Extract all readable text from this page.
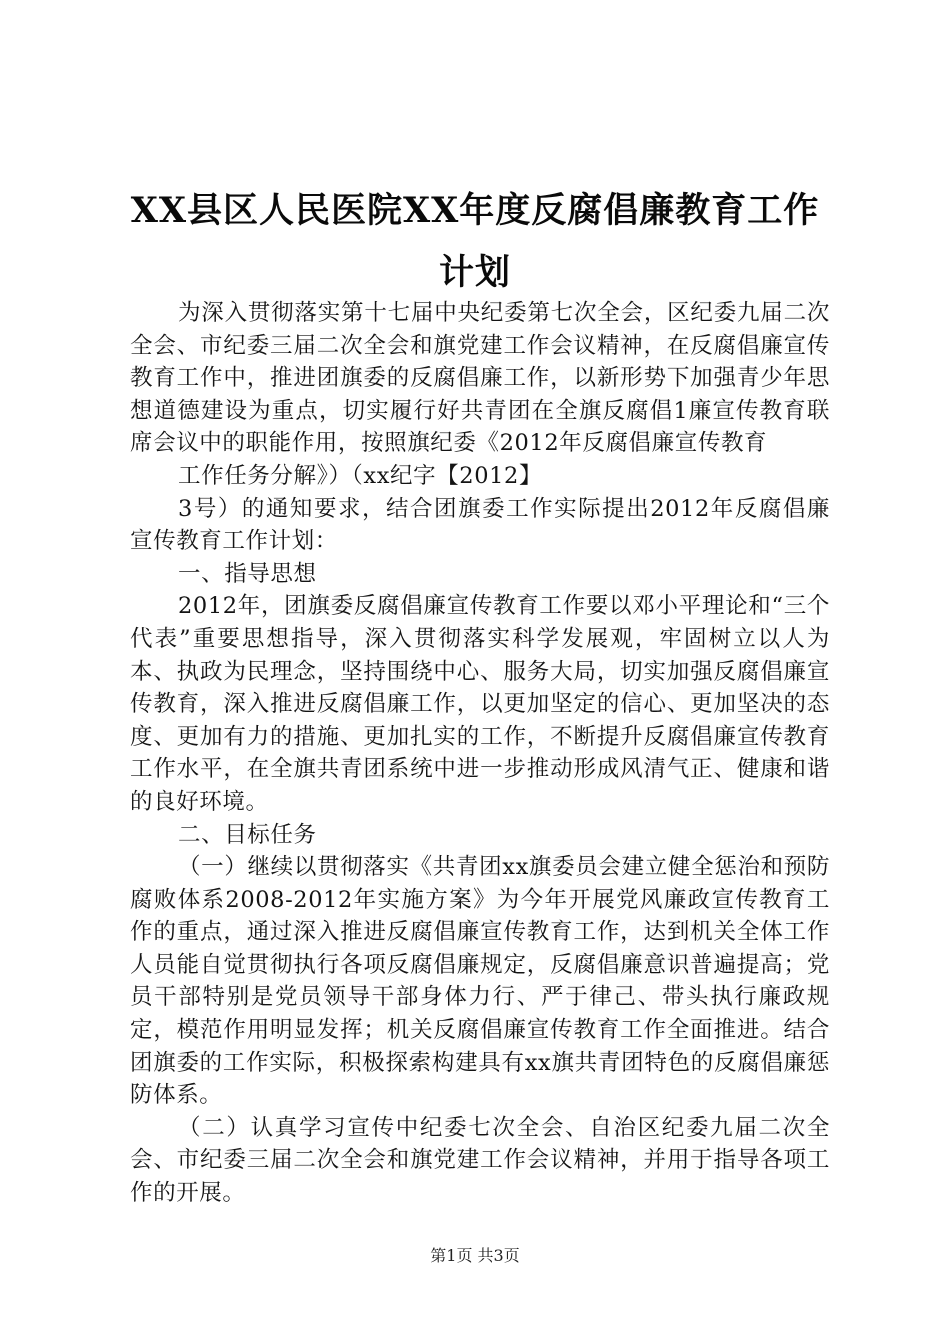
XX县区人民医院XX年度反腐倡廉教育工作计划

为深入贯彻落实第十七届中央纪委第七次全会，区纪委九届二次全会、市纪委三届二次全会和旗党建工作会议精神，在反腐倡廉宣传教育工作中，推进团旗委的反腐倡廉工作，以新形势下加强青少年思想道德建设为重点，切实履行好共青团在全旗反腐倡1廉宣传教育联席会议中的职能作用，按照旗纪委《2012年反腐倡廉宣传教育

工作任务分解》）（xx纪字【2012】

3号）的通知要求，结合团旗委工作实际提出2012年反腐倡廉宣传教育工作计划：

一、指导思想

2012年，团旗委反腐倡廉宣传教育工作要以邓小平理论和“三个代表”重要思想指导，深入贯彻落实科学发展观，牢固树立以人为本、执政为民理念，坚持围绕中心、服务大局，切实加强反腐倡廉宣传教育，深入推进反腐倡廉工作，以更加坚定的信心、更加坚决的态度、更加有力的措施、更加扎实的工作，不断提升反腐倡廉宣传教育工作水平，在全旗共青团系统中进一步推动形成风清气正、健康和谐的良好环境。

二、目标任务

（一）继续以贯彻落实《共青团xx旗委员会建立健全惩治和预防腐败体系2008-2012年实施方案》为今年开展党风廉政宣传教育工作的重点，通过深入推进反腐倡廉宣传教育工作，达到机关全体工作人员能自觉贯彻执行各项反腐倡廉规定，反腐倡廉意识普遍提高；党员干部特别是党员领导干部身体力行、严于律己、带头执行廉政规定，模范作用明显发挥；机关反腐倡廉宣传教育工作全面推进。结合团旗委的工作实际，积极探索构建具有xx旗共青团特色的反腐倡廉惩防体系。

（二）认真学习宣传中纪委七次全会、自治区纪委九届二次全会、市纪委三届二次全会和旗党建工作会议精神，并用于指导各项工作的开展。

第1页 共3页
